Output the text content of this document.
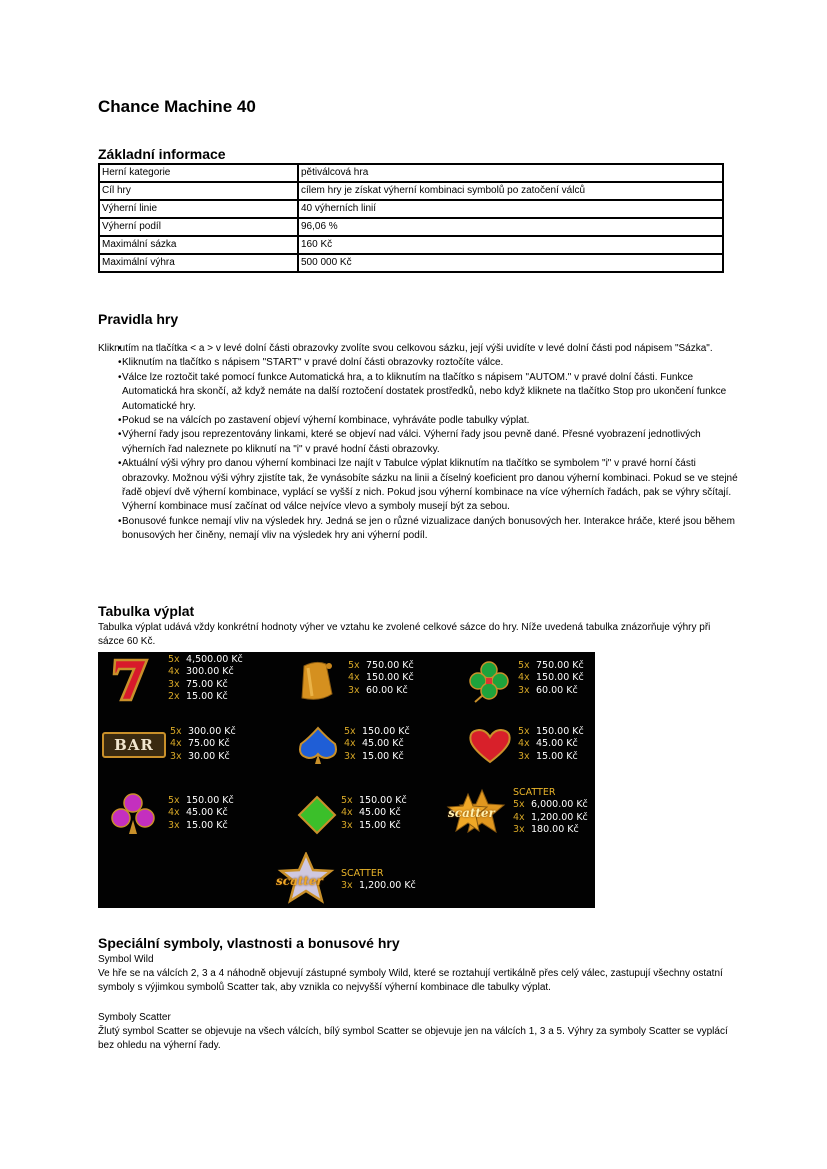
Chance Machine 40
Základní informace
Herní kategorie	pětiválcová hra
Cíl hry	cílem hry je získat výherní kombinaci symbolů po zatočení válců
Výherní linie	40 výherních linií
Výherní podíl	96,06 %
Maximální sázka	160 Kč
Maximální výhra	500 000 Kč
Pravidla hry
• Kliknutím na tlačítka < a > v levé dolní části obrazovky zvolíte svou celkovou sázku, její výši uvidíte v levé dolní části pod nápisem "Sázka".
• Kliknutím na tlačítko s nápisem "START" v pravé dolní části obrazovky roztočíte válce.
• Válce lze roztočit také pomocí funkce Automatická hra, a to kliknutím na tlačítko s nápisem "AUTOM." v pravé dolní části. Funkce Automatická hra skončí, až když nemáte na další roztočení dostatek prostředků, nebo když kliknete na tlačítko Stop pro ukončení funkce Automatické hry.
• Pokud se na válcích po zastavení objeví výherní kombinace, vyhráváte podle tabulky výplat.
• Výherní řady jsou reprezentovány linkami, které se objeví nad válci. Výherní řady jsou pevně dané. Přesné vyobrazení jednotlivých výherních řad naleznete po kliknutí na "i" v pravé hodní části obrazovky.
• Aktuální výši výhry pro danou výherní kombinaci lze najít v Tabulce výplat kliknutím na tlačítko se symbolem "i" v pravé horní části obrazovky. Možnou výši výhry zjistíte tak, že vynásobíte sázku na linii a číselný koeficient pro danou výherní kombinaci. Pokud se ve stejné řadě objeví dvě výherní kombinace, vyplácí se vyšší z nich. Pokud jsou výherní kombinace na více výherních řadách, pak se výhry sčítají. Výherní kombinace musí začínat od válce nejvíce vlevo a symboly musejí být za sebou.
• Bonusové funkce nemají vliv na výsledek hry. Jedná se jen o různé vizualizace daných bonusových her. Interakce hráče, které jsou během bonusových her činěny, nemají vliv na výsledek hry ani výherní podíl.
Tabulka výplat
Tabulka výplat udává vždy konkrétní hodnoty výher ve vztahu ke zvolené celkové sázce do hry. Níže uvedená tabulka znázorňuje výhry při sázce 60 Kč.
5x 4,500.00 Kč
4x 300.00 Kč
3x 75.00 Kč
2x 15.00 Kč
5x 750.00 Kč
4x 150.00 Kč
3x 60.00 Kč
5x 750.00 Kč
4x 150.00 Kč
3x 60.00 Kč
BAR
5x 300.00 Kč
4x 75.00 Kč
3x 30.00 Kč
5x 150.00 Kč
4x 45.00 Kč
3x 15.00 Kč
5x 150.00 Kč
4x 45.00 Kč
3x 15.00 Kč
5x 150.00 Kč
4x 45.00 Kč
3x 15.00 Kč
5x 150.00 Kč
4x 45.00 Kč
3x 15.00 Kč
scatter
SCATTER
5x 6,000.00 Kč
4x 1,200.00 Kč
3x 180.00 Kč
scatter
SCATTER
3x 1,200.00 Kč
Speciální symboly, vlastnosti a bonusové hry
Symbol Wild
Ve hře se na válcích 2, 3 a 4 náhodně objevují zástupné symboly Wild, které se roztahují vertikálně přes celý válec, zastupují všechny ostatní symboly s výjimkou symbolů Scatter tak, aby vznikla co nejvyšší výherní kombinace dle tabulky výplat.
Symboly Scatter
Žlutý symbol Scatter se objevuje na všech válcích, bílý symbol Scatter se objevuje jen na válcích 1, 3 a 5. Výhry za symboly Scatter se vyplácí bez ohledu na výherní řady.
